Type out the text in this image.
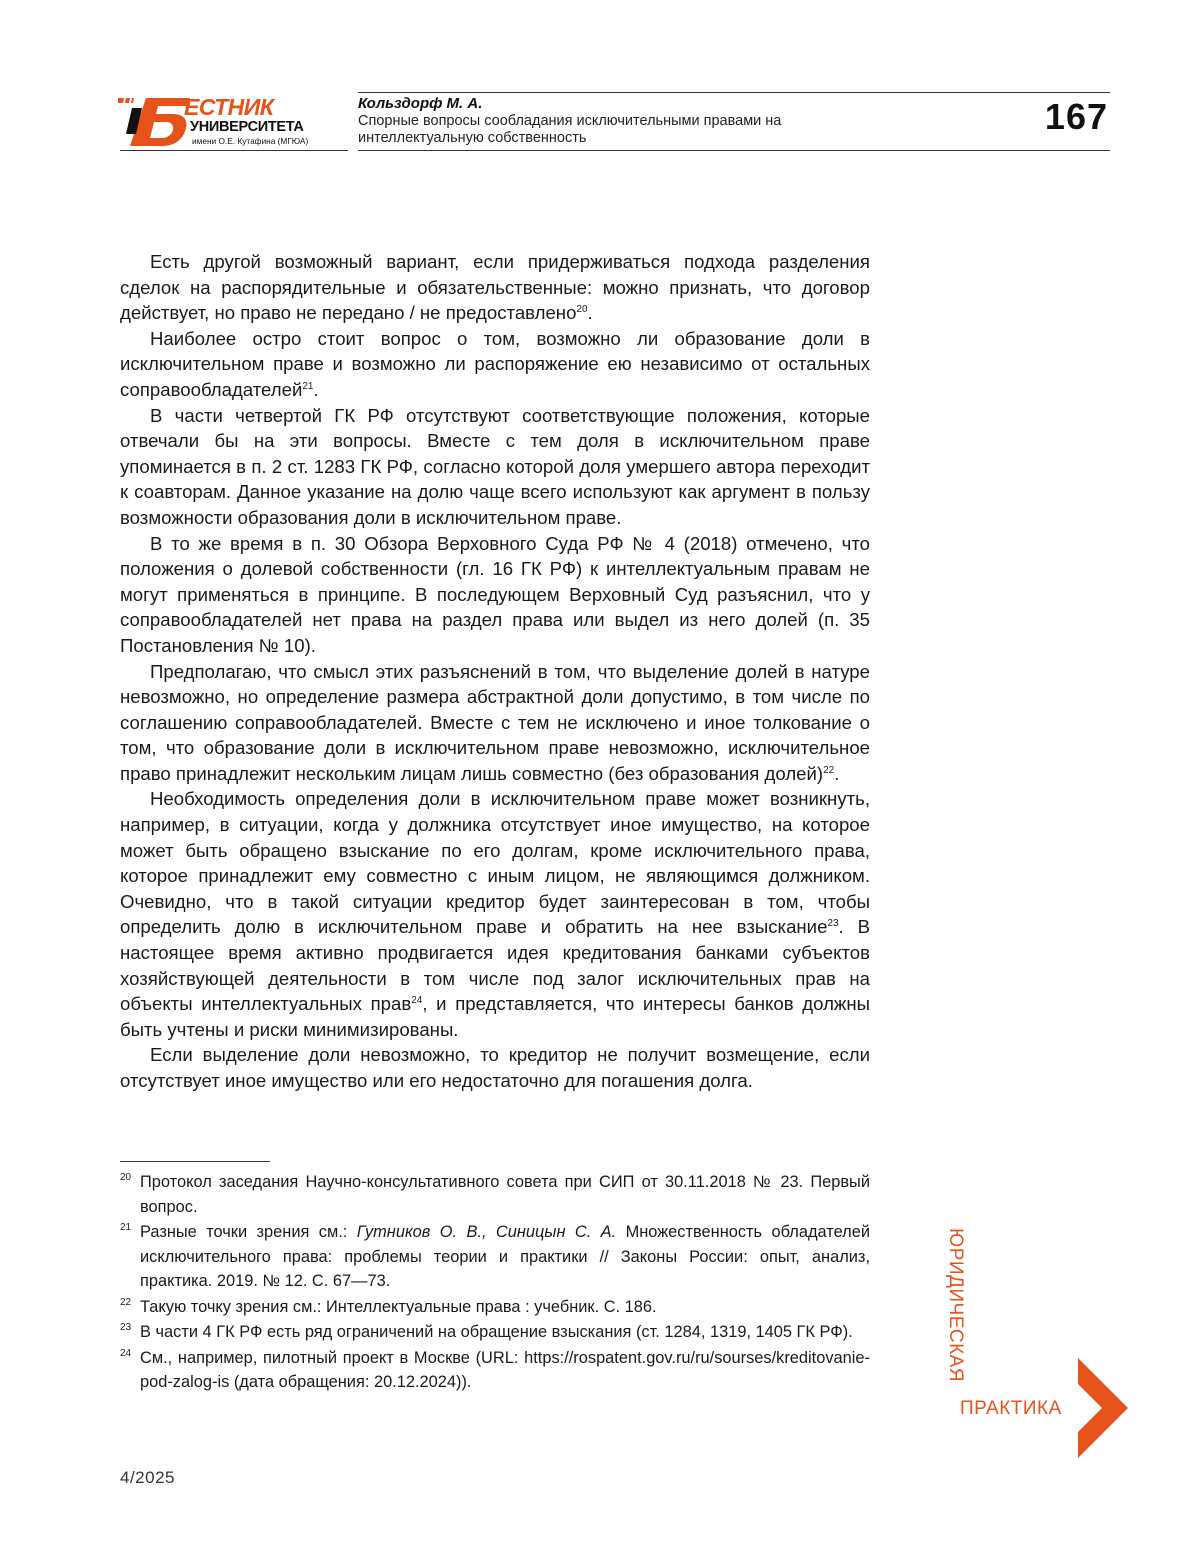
ЕСТНИК
УНИВЕРСИТЕТА
имени О.Е. Кутафина (МГЮА)
Кольздорф М. А.
Спорные вопросы сообладания исключительными правами на интеллектуальную собственность
167

Есть другой возможный вариант, если придерживаться подхода разделения сделок на распорядительные и обязательственные: можно признать, что договор действует, но право не передано / не предоставлено20.

Наиболее остро стоит вопрос о том, возможно ли образование доли в исключительном праве и возможно ли распоряжение ею независимо от остальных соправообладателей21.

В части четвертой ГК РФ отсутствуют соответствующие положения, которые отвечали бы на эти вопросы. Вместе с тем доля в исключительном праве упоминается в п. 2 ст. 1283 ГК РФ, согласно которой доля умершего автора переходит к соавторам. Данное указание на долю чаще всего используют как аргумент в пользу возможности образования доли в исключительном праве.

В то же время в п. 30 Обзора Верховного Суда РФ № 4 (2018) отмечено, что положения о долевой собственности (гл. 16 ГК РФ) к интеллектуальным правам не могут применяться в принципе. В последующем Верховный Суд разъяснил, что у соправообладателей нет права на раздел права или выдел из него долей (п. 35 Постановления № 10).

Предполагаю, что смысл этих разъяснений в том, что выделение долей в натуре невозможно, но определение размера абстрактной доли допустимо, в том числе по соглашению соправообладателей. Вместе с тем не исключено и иное толкование о том, что образование доли в исключительном праве невозможно, исключительное право принадлежит нескольким лицам лишь совместно (без образования долей)22.

Необходимость определения доли в исключительном праве может возникнуть, например, в ситуации, когда у должника отсутствует иное имущество, на которое может быть обращено взыскание по его долгам, кроме исключительного права, которое принадлежит ему совместно с иным лицом, не являющимся должником. Очевидно, что в такой ситуации кредитор будет заинтересован в том, чтобы определить долю в исключительном праве и обратить на нее взыскание23. В настоящее время активно продвигается идея кредитования банками субъектов хозяйствующей деятельности в том числе под залог исключительных прав на объекты интеллектуальных прав24, и представляется, что интересы банков должны быть учтены и риски минимизированы.

Если выделение доли невозможно, то кредитор не получит возмещение, если отсутствует иное имущество или его недостаточно для погашения долга.

20 Протокол заседания Научно-консультативного совета при СИП от 30.11.2018 № 23. Первый вопрос.
21 Разные точки зрения см.: Гутников О. В., Синицын С. А. Множественность обладателей исключительного права: проблемы теории и практики // Законы России: опыт, анализ, практика. 2019. № 12. С. 67—73.
22 Такую точку зрения см.: Интеллектуальные права : учебник. С. 186.
23 В части 4 ГК РФ есть ряд ограничений на обращение взыскания (ст. 1284, 1319, 1405 ГК РФ).
24 См., например, пилотный проект в Москве (URL: https://rospatent.gov.ru/ru/sourses/kreditovanie-pod-zalog-is (дата обращения: 20.12.2024)).	ЮРИДИЧЕСКАЯ
ПРАКТИКА
4/2025
